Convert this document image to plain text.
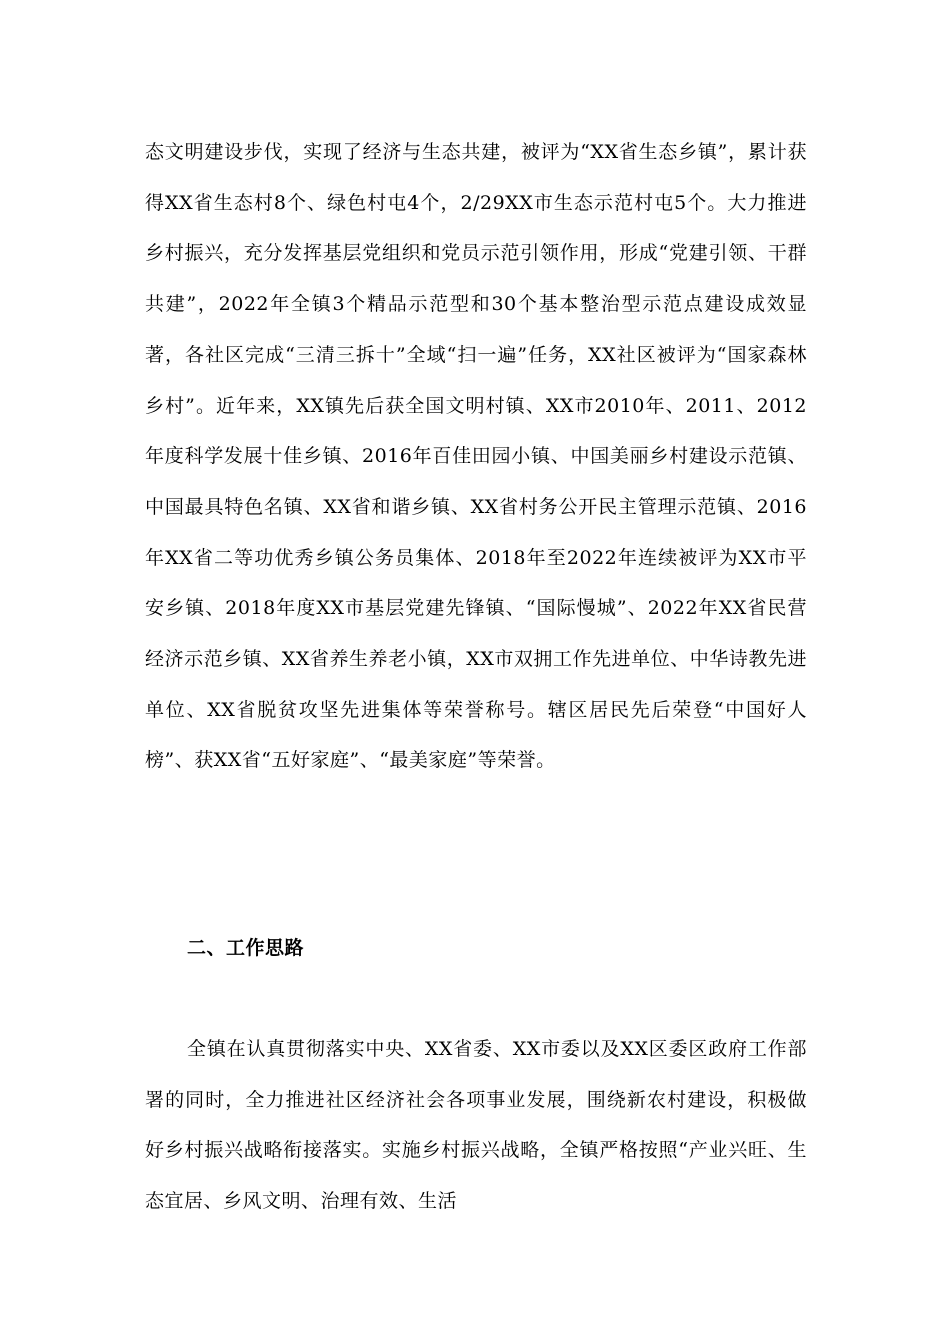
态文明建设步伐，实现了经济与生态共建，被评为“XX省生态乡镇”，累计获得XX省生态村8个、绿色村屯4个，2/29XX市生态示范村屯5个。大力推进乡村振兴，充分发挥基层党组织和党员示范引领作用，形成“党建引领、干群共建”，2022年全镇3个精品示范型和30个基本整治型示范点建设成效显著，各社区完成“三清三拆十”全域“扫一遍”任务，XX社区被评为“国家森林乡村”。近年来，XX镇先后获全国文明村镇、XX市2010年、2011、2012年度科学发展十佳乡镇、2016年百佳田园小镇、中国美丽乡村建设示范镇、中国最具特色名镇、XX省和谐乡镇、XX省村务公开民主管理示范镇、2016年XX省二等功优秀乡镇公务员集体、2018年至2022年连续被评为XX市平安乡镇、2018年度XX市基层党建先锋镇、“国际慢城”、2022年XX省民营经济示范乡镇、XX省养生养老小镇，XX市双拥工作先进单位、中华诗教先进单位、XX省脱贫攻坚先进集体等荣誉称号。辖区居民先后荣登“中国好人榜”、获XX省“五好家庭”、“最美家庭”等荣誉。

二、工作思路

全镇在认真贯彻落实中央、XX省委、XX市委以及XX区委区政府工作部署的同时，全力推进社区经济社会各项事业发展，围绕新农村建设，积极做好乡村振兴战略衔接落实。实施乡村振兴战略，全镇严格按照“产业兴旺、生态宜居、乡风文明、治理有效、生活
